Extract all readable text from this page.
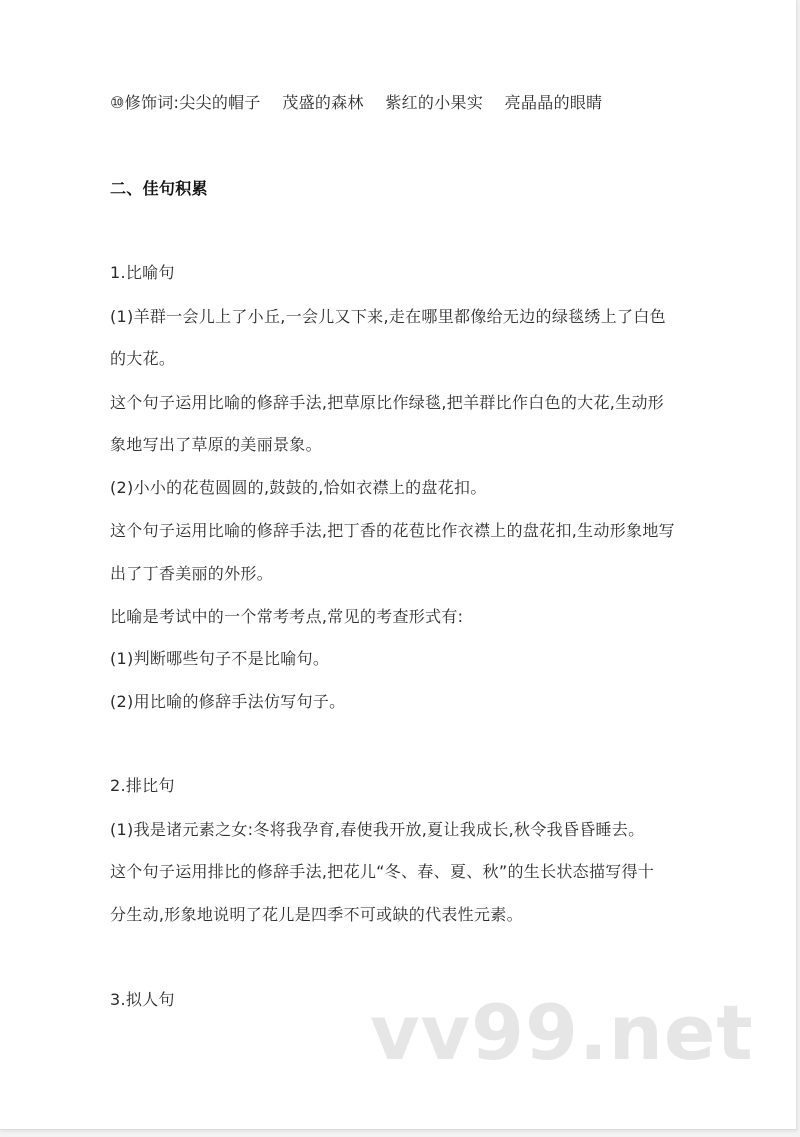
⑩修饰词:尖尖的帽子    茂盛的森林    紫红的小果实    亮晶晶的眼睛
二、佳句积累
1.比喻句
(1)羊群一会儿上了小丘,一会儿又下来,走在哪里都像给无边的绿毯绣上了白色
的大花。
这个句子运用比喻的修辞手法,把草原比作绿毯,把羊群比作白色的大花,生动形
象地写出了草原的美丽景象。
(2)小小的花苞圆圆的,鼓鼓的,恰如衣襟上的盘花扣。
这个句子运用比喻的修辞手法,把丁香的花苞比作衣襟上的盘花扣,生动形象地写
出了丁香美丽的外形。
比喻是考试中的一个常考考点,常见的考查形式有:
(1)判断哪些句子不是比喻句。
(2)用比喻的修辞手法仿写句子。
2.排比句
(1)我是诸元素之女:冬将我孕育,春使我开放,夏让我成长,秋令我昏昏睡去。
这个句子运用排比的修辞手法,把花儿“冬、春、夏、秋”的生长状态描写得十
分生动,形象地说明了花儿是四季不可或缺的代表性元素。
3.拟人句	vv99.net
